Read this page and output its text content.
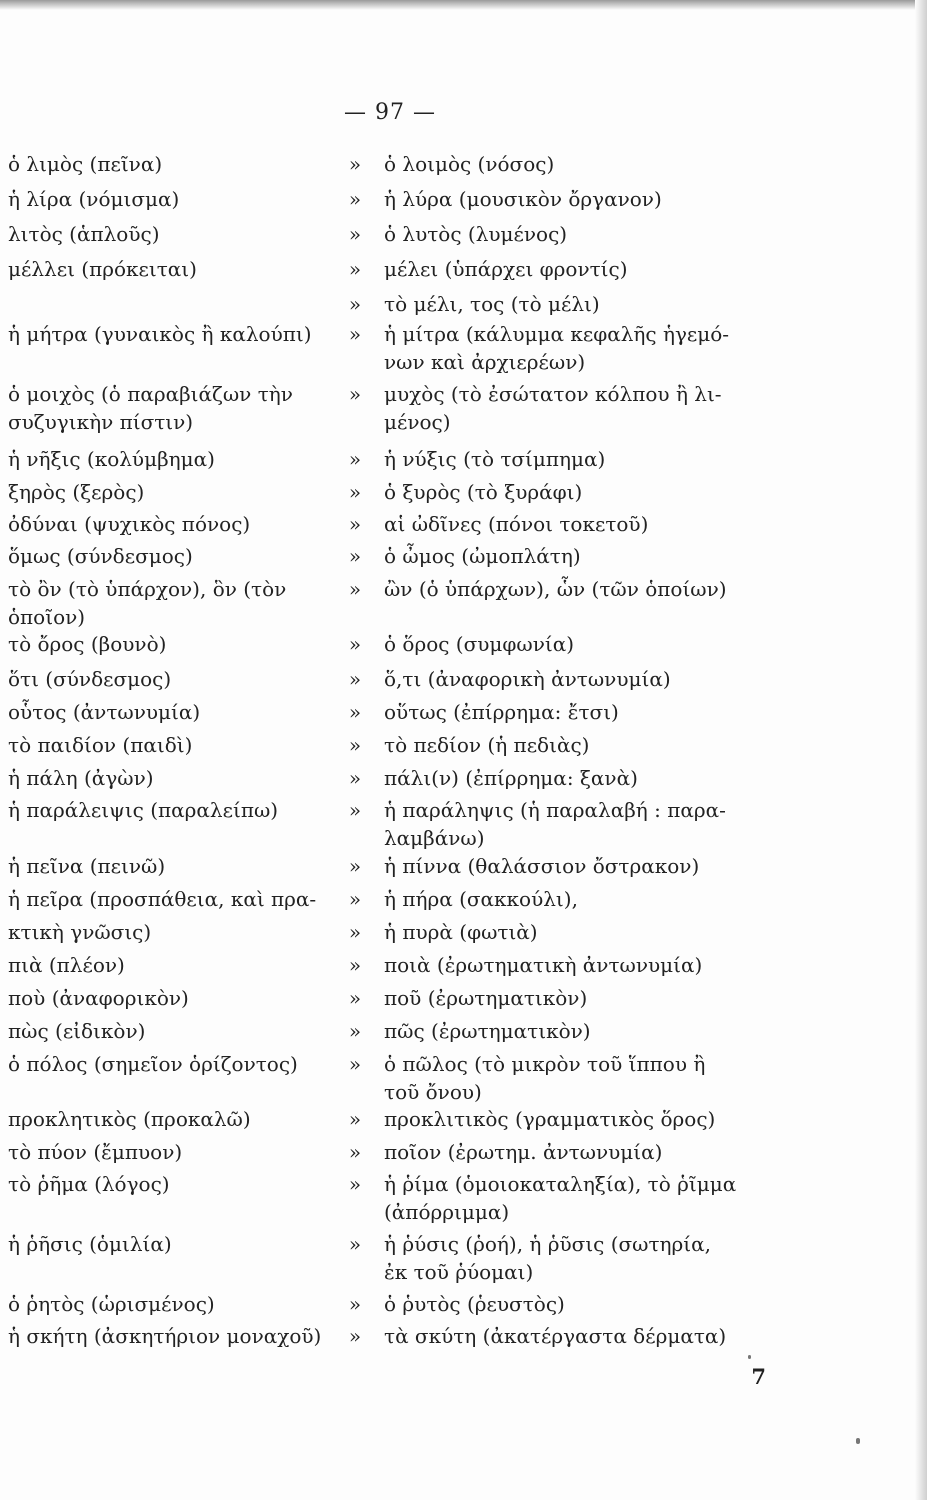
— 97 —
ὁ λιμὸς (πεῖνα)	»	ὁ λοιμὸς (νόσος)
ἡ λίρα (νόμισμα)	»	ἡ λύρα (μουσικὸν ὄργανον)
λιτὸς (ἁπλοῦς)	»	ὁ λυτὸς (λυμένος)
μέλλει (πρόκειται)	»	μέλει (ὑπάρχει φροντίς)
»	τὸ μέλι, τος (τὸ μέλι)
ἡ μήτρα (γυναικὸς ἢ καλούπι)	»	ἡ μίτρα (κάλυμμα κεφαλῆς ἡγεμό-
νων καὶ ἀρχιερέων)
ὁ μοιχὸς (ὁ παραβιάζων τὴν
συζυγικὴν πίστιν)
»	μυχὸς (τὸ ἐσώτατον κόλπου ἢ λι-
μένος)
ἡ νῆξις (κολύμβημα)	»	ἡ νύξις (τὸ τσίμπημα)
ξηρὸς (ξερὸς)	»	ὁ ξυρὸς (τὸ ξυράφι)
ὀδύναι (ψυχικὸς πόνος)	»	αἱ ὠδῖνες (πόνοι τοκετοῦ)
ὅμως (σύνδεσμος)	»	ὁ ὦμος (ὠμοπλάτη)
τὸ ὂν (τὸ ὑπάρχον), ὃν (τὸν
ὁποῖον)
»	ὢν (ὁ ὑπάρχων), ὧν (τῶν ὁποίων)
τὸ ὄρος (βουνὸ)	»	ὁ ὅρος (συμφωνία)
ὅτι (σύνδεσμος)	»	ὅ,τι (ἀναφορικὴ ἀντωνυμία)
οὗτος (ἀντωνυμία)	»	οὕτως (ἐπίρρημα: ἔτσι)
τὸ παιδίον (παιδὶ)	»	τὸ πεδίον (ἡ πεδιὰς)
ἡ πάλη (ἀγὼν)	»	πάλι(ν) (ἐπίρρημα: ξανὰ)
ἡ παράλειψις (παραλείπω)	»	ἡ παράληψις (ἡ παραλαβή : παρα-
λαμβάνω)
ἡ πεῖνα (πεινῶ)	»	ἡ πίννα (θαλάσσιον ὄστρακον)
ἡ πεῖρα (προσπάθεια, καὶ πρα-	»	ἡ πήρα (σακκούλι),
κτικὴ γνῶσις)	»	ἡ πυρὰ (φωτιὰ)
πιὰ (πλέον)	»	ποιὰ (ἐρωτηματικὴ ἀντωνυμία)
ποὺ (ἀναφορικὸν)	»	ποῦ (ἐρωτηματικὸν)
πὼς (εἰδικὸν)	»	πῶς (ἐρωτηματικὸν)
ὁ πόλος (σημεῖον ὁρίζοντος)	»	ὁ πῶλος (τὸ μικρὸν τοῦ ἵππου ἢ
τοῦ ὄνου)
προκλητικὸς (προκαλῶ)	»	προκλιτικὸς (γραμματικὸς ὅρος)
τὸ πύον (ἔμπυον)	»	ποῖον (ἐρωτημ. ἀντωνυμία)
τὸ ῥῆμα (λόγος)	»	ἡ ῥίμα (ὁμοιοκαταληξία), τὸ ῥῖμμα
(ἀπόρριμμα)
ἡ ῥῆσις (ὁμιλία)	»	ἡ ῥύσις (ῥοή), ἡ ῥῦσις (σωτηρία,
ἐκ τοῦ ῥύομαι)
ὁ ῥητὸς (ὡρισμένος)	»	ὁ ῥυτὸς (ῥευστὸς)
ἡ σκήτη (ἀσκητήριον μοναχοῦ)	»	τὰ σκύτη (ἀκατέργαστα δέρματα)
7
